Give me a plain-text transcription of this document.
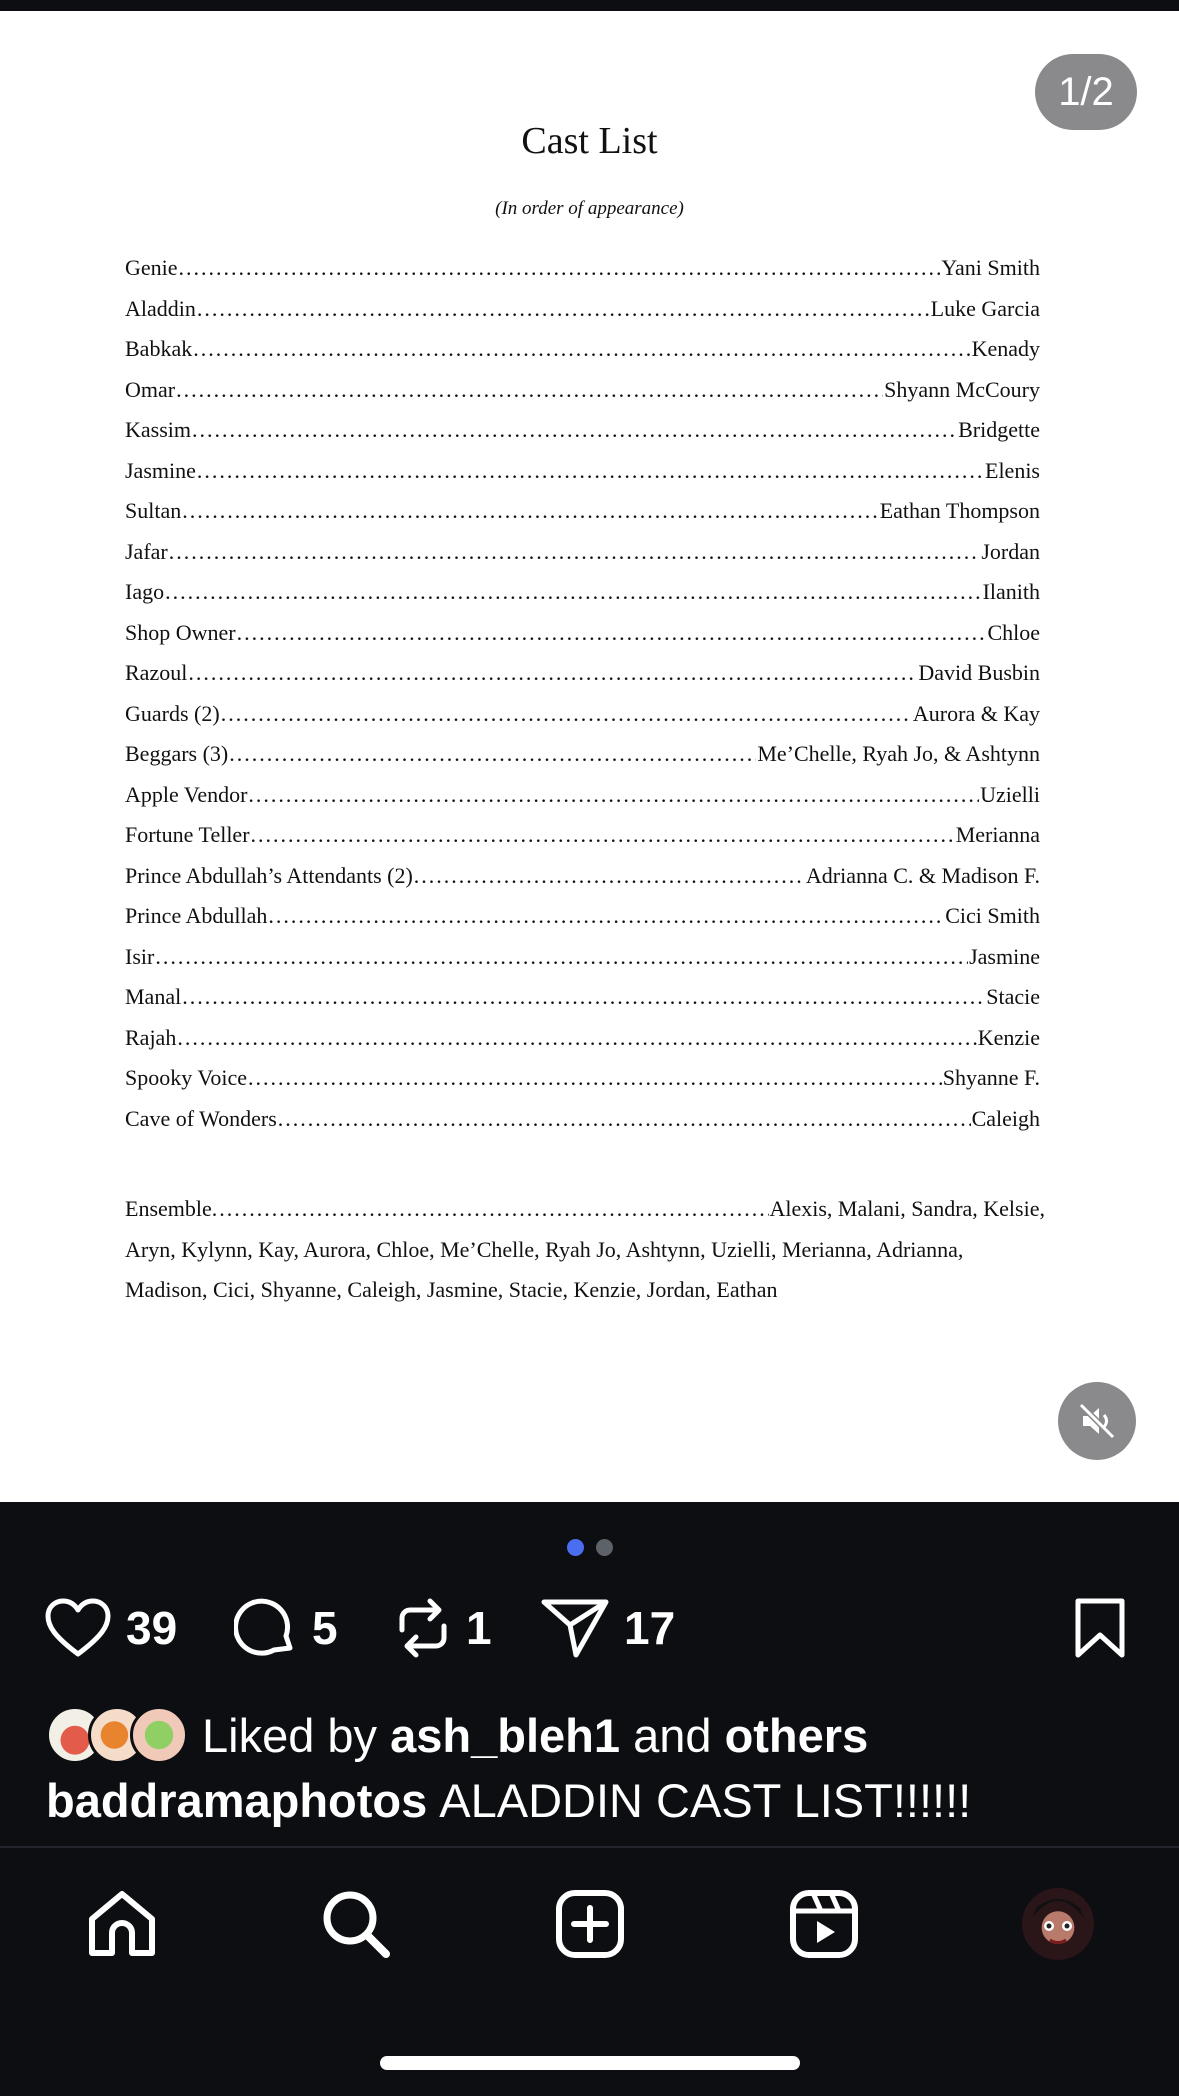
1/2
Cast List
(In order of appearance)
Genie .....	Yani Smith
Aladdin .....	Luke Garcia
Babkak .....	Kenady
Omar .....	Shyann McCoury
Kassim .....	Bridgette
Jasmine .....	Elenis
Sultan .....	Eathan Thompson
Jafar .....	Jordan
Iago .....	Ilanith
Shop Owner .....	Chloe
Razoul .....	David Busbin
Guards (2) .....	Aurora & Kay
Beggars (3) .....	Me’Chelle, Ryah Jo, & Ashtynn
Apple Vendor .....	Uzielli
Fortune Teller .....	Merianna
Prince Abdullah’s Attendants (2) .....	Adrianna C. & Madison F.
Prince Abdullah .....	Cici Smith
Isir .....	Jasmine
Manal .....	Stacie
Rajah .....	Kenzie
Spooky Voice .....	Shyanne F.
Cave of Wonders .....	Caleigh
Ensemble .....	Alexis, Malani, Sandra, Kelsie,
Aryn, Kylynn, Kay, Aurora, Chloe, Me’Chelle, Ryah Jo, Ashtynn, Uzielli, Merianna, Adrianna, Madison, Cici, Shyanne, Caleigh, Jasmine, Stacie, Kenzie, Jordan, Eathan
39	5	1	17
Liked by
ash_bleh1
and
others
baddramaphotos ALADDIN CAST LIST!!!!!!
